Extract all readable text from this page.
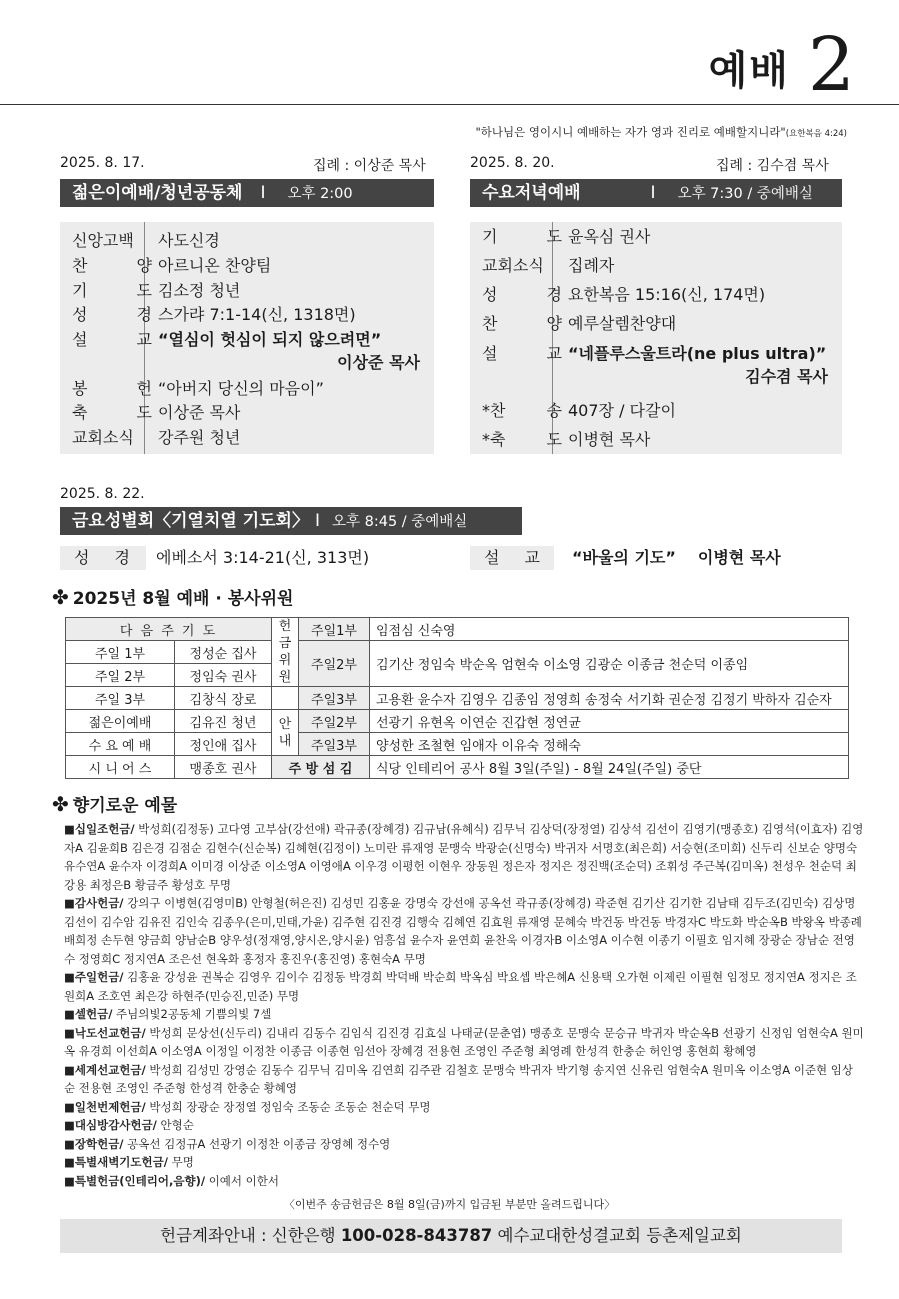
예배 2
"하나님은 영이시니 예배하는 자가 영과 진리로 예배할지니라"(요한복음 4:24)
2025. 8. 17.	집례 : 이상준 목사
젊은이예배/청년공동체 I 오후 2:00
신앙고백 사도신경
찬 양 아르니온 찬양팀
기 도 김소정 청년
성 경 스가랴 7:1-14(신, 1318면)
설 교 “열심이 헛심이 되지 않으려면”
이상준 목사
봉 헌 “아버지 당신의 마음이”
축 도 이상준 목사
교회소식 강주원 청년
2025. 8. 20.	집례 : 김수겸 목사
수요저녁예배	I 오후 7:30 / 중예배실
기 도 윤옥심 권사
교회소식 집례자
성 경 요한복음 15:16(신, 174면)
찬 양 예루살렘찬양대
설 교 “네플루스울트라(ne plus ultra)”
김수겸 목사
*찬 송 407장 / 다갈이
*축 도 이병현 목사
2025. 8. 22.
금요성별회〈기열치열 기도회〉 I 오후 8:45 / 중예배실
성 경	에베소서 3:14-21(신, 313면)	설 교	“바울의 기도” 이병현 목사
✤ 2025년 8월 예배 · 봉사위원
다 음 주 기 도		헌금위원	주일1부	임점심 신숙영
주일 1부	정성순 집사		주일2부	김기산 정임숙 박순옥 엄현숙 이소영 김광순 이종금 천순덕 이종임
주일 2부	정임숙 권사			
주일 3부	김창식 장로		주일3부	고용환 윤수자 김영우 김종임 정영희 송정숙 서기화 권순정 김정기 박하자 김순자
젊은이예배	김유진 청년	안내	주일2부	선광기 유현옥 이연순 진갑현 정연균
수 요 예 배	정인애 집사		주일3부	양성한 조철현 임애자 이유숙 정해숙
시 니 어 스	맹종호 권사	주 방 섬 김		식당 인테리어 공사 8월 3일(주일) - 8월 24일(주일) 중단
✤ 향기로운 예물

■십일조헌금/ 박성희(김정동) 고다영 고부삼(강선애) 곽규종(장혜경) 김규남(유혜식) 김무닉 김상덕(장정열) 김상석 김선이 김영기(맹종호) 김영석(이효자) 김영자A 김윤희B 김은경 김점순 김현수(신순복) 김혜현(김정이) 노미란 류재영 문맹숙 박광순(신명숙) 박귀자 서명호(최은희) 서승현(조미희) 신두리 신보순 양명숙 유수연A 윤수자 이경희A 이미경 이상준 이소영A 이영애A 이우경 이평헌 이현우 장동원 정은자 정지은 정진백(조순덕) 조휘성 주근복(김미옥) 천성우 천순덕 최강용 최정은B 황금주 황성호 무명

■감사헌금/ 강의구 이병현(김영미B) 안형철(허은진) 김성민 김홍윤 강명숙 강선애 공옥선 곽규종(장혜경) 곽준현 김기산 김기한 김남태 김두조(김민숙) 김상명 김선이 김수암 김유진 김인숙 김종우(은미,민태,가윤) 김주현 김진경 김행숙 김혜연 김효원 류재영 문혜숙 박건동 박건동 박경자C 박도화 박순옥B 박왕옥 박종례 배희정 손두현 양금희 양남순B 양우성(정재영,양시온,양시윤) 엄흥섭 윤수자 윤연희 윤찬욱 이경자B 이소영A 이수현 이종기 이필호 임지혜 장광순 장남순 전영수 정영희C 정지연A 조은선 현옥화 홍정자 홍진우(홍진영) 홍현숙A 무명

■주일헌금/ 김홍윤 강성윤 권복순 김영우 김이수 김정동 박경희 박덕배 박순희 박옥심 박요셉 박은혜A 신용택 오가현 이제린 이필현 임정모 정지연A 정지은 조원희A 조호연 최은강 하현주(민승진,민준) 무명

■셀헌금/ 주님의빛2공동체 기쁨의빛 7셀

■낙도선교헌금/ 박성희 문상선(신두리) 김내리 김동수 김임식 김진경 김효실 나태균(문춘엽) 맹종호 문맹숙 문승규 박귀자 박순옥B 선광기 신정임 엄현숙A 원미옥 유경희 이선희A 이소영A 이정일 이정찬 이종금 이종현 임선아 장혜경 전용현 조영인 주준형 최영례 한성격 한충순 허인영 홍현희 황혜영

■세계선교헌금/ 박성희 김성민 강영순 김동수 김무닉 김미옥 김연희 김주관 김철호 문맹숙 박귀자 박기형 송지연 신유린 엄현숙A 원미옥 이소영A 이준현 임상순 전용현 조영인 주준형 한성격 한충순 황혜영

■일천번제헌금/ 박성희 장광순 장정열 정임숙 조동순 조동순 천순덕 무명

■대심방감사헌금/ 안형순

■장학헌금/ 공옥선 김정규A 선광기 이정찬 이종금 장영혜 정수영

■특별새벽기도헌금/ 무명

■특별헌금(인테리어,음향)/ 이예서 이한서

〈이번주 송금헌금은 8월 8일(금)까지 입금된 부분만 올려드립니다〉
헌금계좌안내 : 신한은행 100-028-843787 예수교대한성결교회 등촌제일교회
